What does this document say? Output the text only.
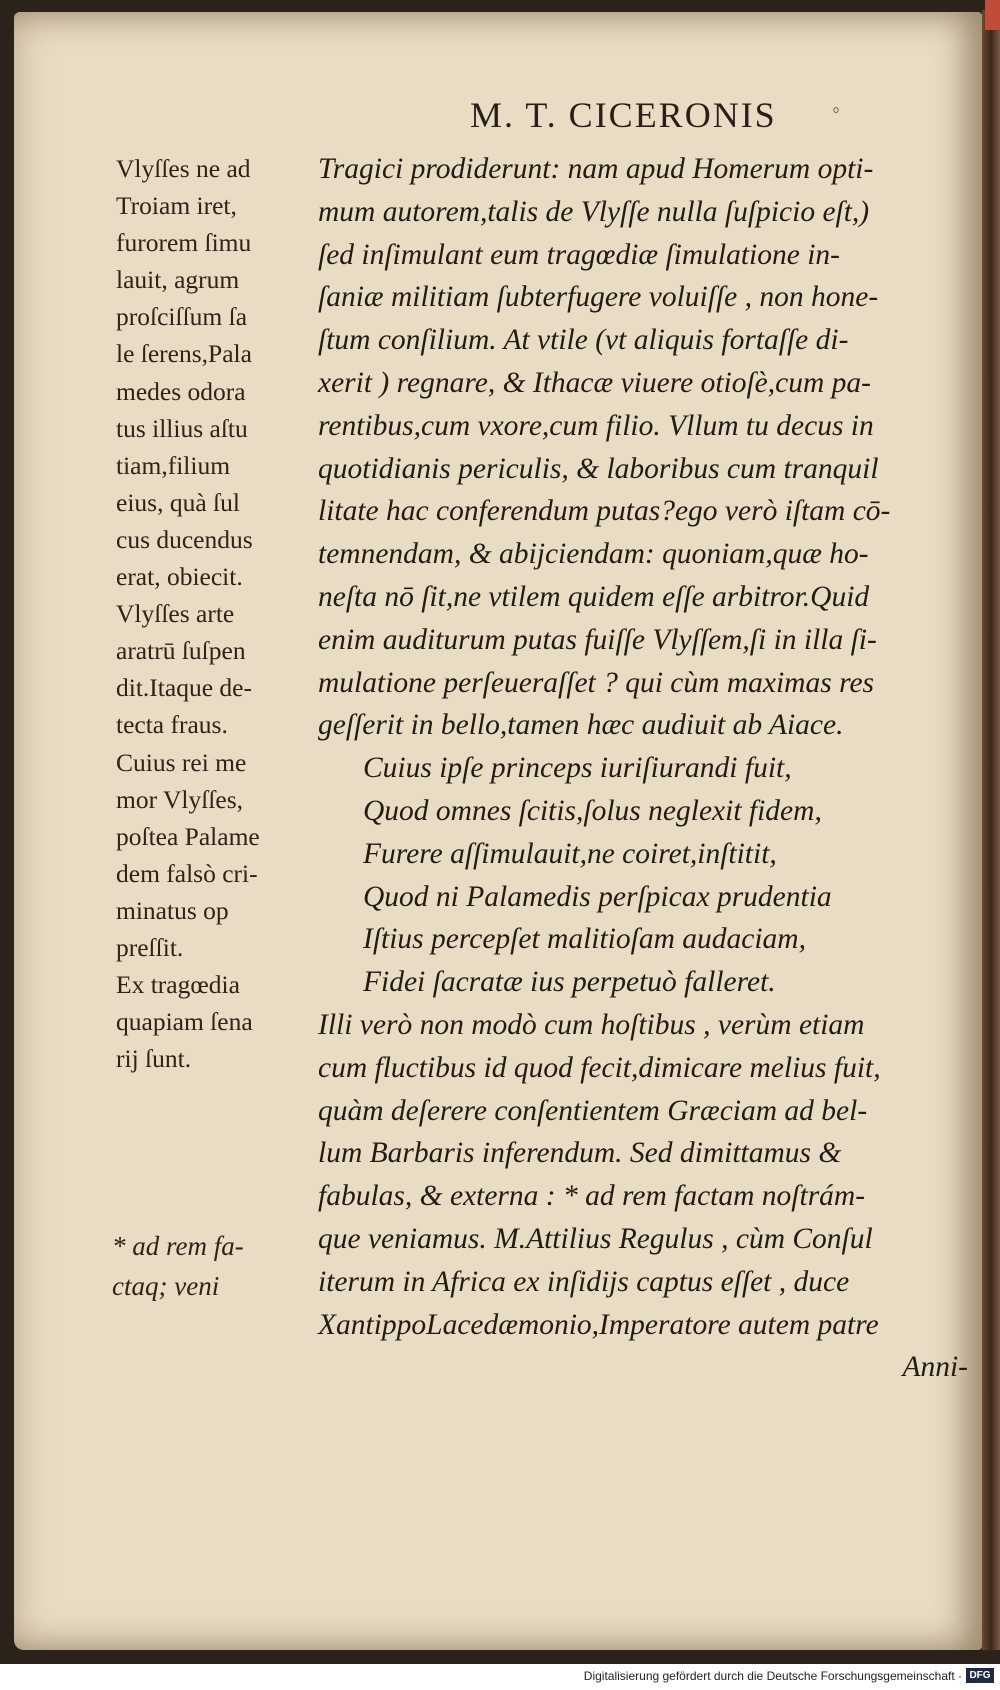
M. T. CICERONIS	ﾟ
Vlyſſes ne ad
Troiam iret,
furorem ſimu
lauit, agrum
proſciſſum ſa
le ſerens,Pala
medes odora
tus illius aſtu
tiam,filium
eius, quà ſul
cus ducendus
erat, obiecit.
Vlyſſes arte
aratrū ſuſpen
dit.Itaque de-
tecta fraus.
Cuius rei me
mor Vlyſſes,
poſtea Palame
dem falsò cri-
minatus op
preſſit.
Ex tragœdia
quapiam ſena
rij ſunt.
* ad rem fa-
ctaq; veni
Tragici prodiderunt: nam apud Homerum opti-
mum autorem,talis de Vlyſſe nulla ſuſpicio eſt,)
ſed inſimulant eum tragœdiæ ſimulatione in-
ſaniæ militiam ſubterfugere voluiſſe , non hone-
ſtum conſilium. At vtile (vt aliquis fortaſſe di-
xerit ) regnare, & Ithacæ viuere otioſè,cum pa-
rentibus,cum vxore,cum filio. Vllum tu decus in
quotidianis periculis, & laboribus cum tranquil
litate hac conferendum putas?ego verò iſtam cō-
temnendam, & abijciendam: quoniam,quæ ho-
neſta nō ſit,ne vtilem quidem eſſe arbitror.Quid
enim auditurum putas fuiſſe Vlyſſem,ſi in illa ſi-
mulatione perſeueraſſet ? qui cùm maximas res
geſſerit in bello,tamen hæc audiuit ab Aiace.
Cuius ipſe princeps iuriſiurandi fuit,
Quod omnes ſcitis,ſolus neglexit fidem,
Furere aſſimulauit,ne coiret,inſtitit,
Quod ni Palamedis perſpicax prudentia
Iſtius percepſet malitioſam audaciam,
Fidei ſacratæ ius perpetuò falleret.
Illi verò non modò cum hoſtibus , verùm etiam
cum fluctibus id quod fecit,dimicare melius fuit,
quàm deſerere conſentientem Græciam ad bel-
lum Barbaris inferendum. Sed dimittamus &
fabulas, & externa : * ad rem factam noſtrám-
que veniamus. M.Attilius Regulus , cùm Conſul
iterum in Africa ex inſidijs captus eſſet , duce
XantippoLacedæmonio,Imperatore autem patre
Anni-
Digitalisierung gefördert durch die Deutsche Forschungsgemeinschaft · DFG
